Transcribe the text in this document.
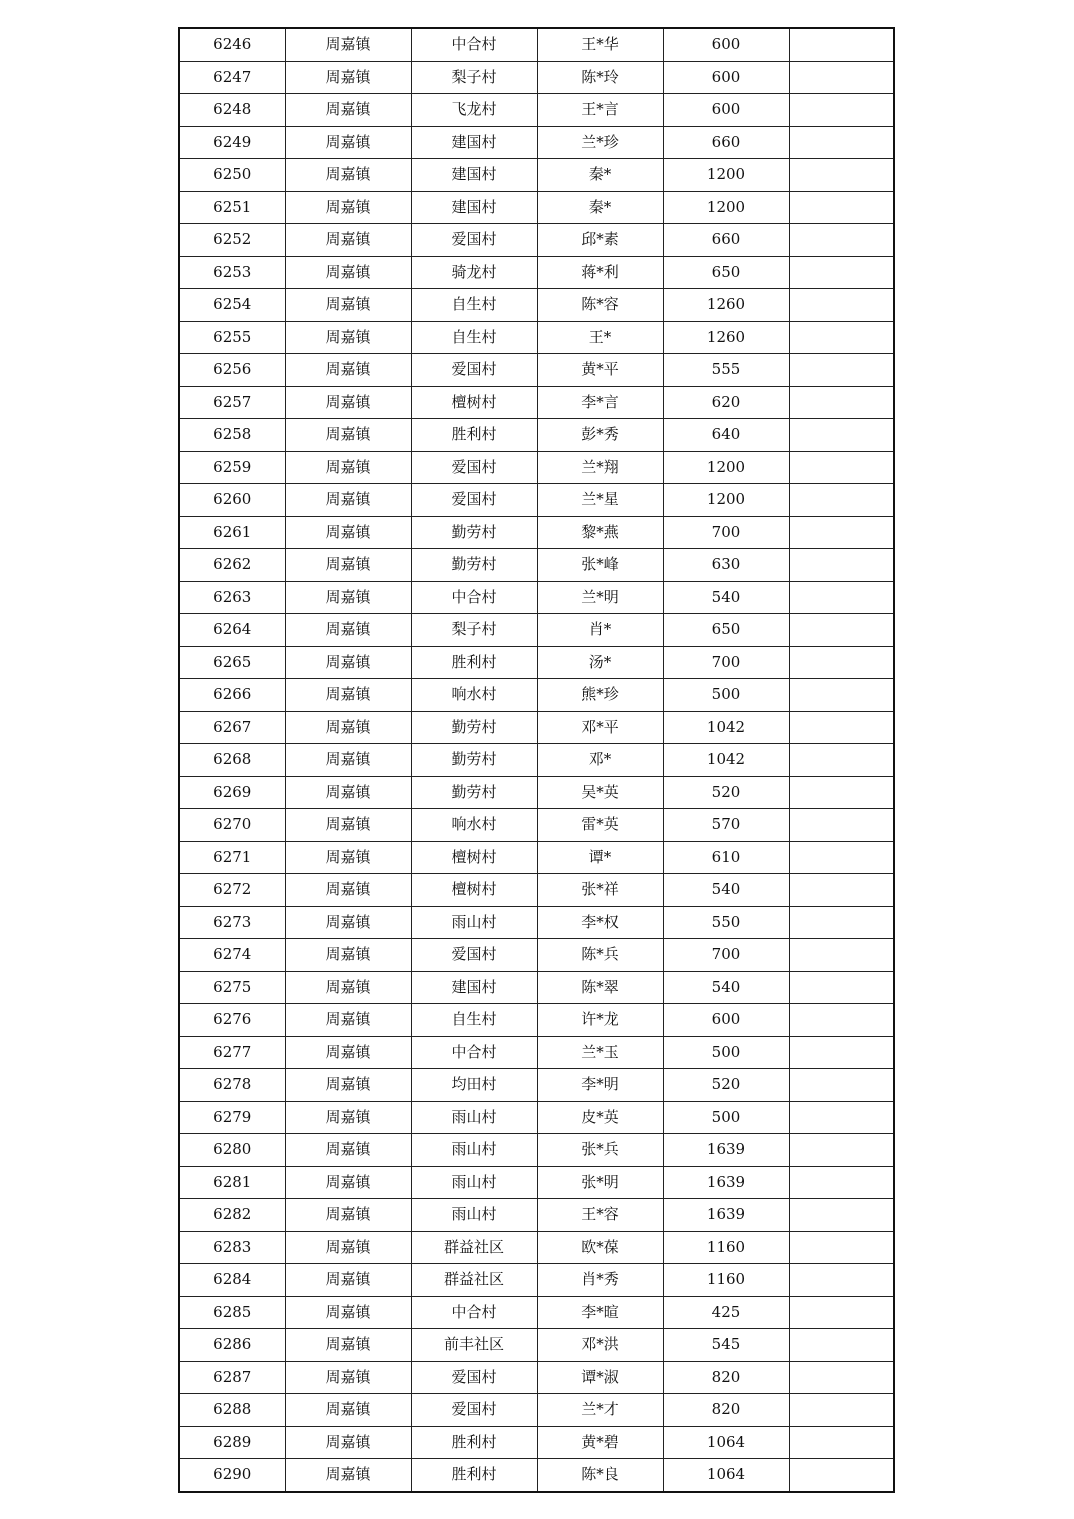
6246	周嘉镇	中合村	王*华	600	
6247	周嘉镇	梨子村	陈*玲	600	
6248	周嘉镇	飞龙村	王*言	600	
6249	周嘉镇	建国村	兰*珍	660	
6250	周嘉镇	建国村	秦*	1200	
6251	周嘉镇	建国村	秦*	1200	
6252	周嘉镇	爱国村	邱*素	660	
6253	周嘉镇	骑龙村	蒋*利	650	
6254	周嘉镇	自生村	陈*容	1260	
6255	周嘉镇	自生村	王*	1260	
6256	周嘉镇	爱国村	黄*平	555	
6257	周嘉镇	檀树村	李*言	620	
6258	周嘉镇	胜利村	彭*秀	640	
6259	周嘉镇	爱国村	兰*翔	1200	
6260	周嘉镇	爱国村	兰*星	1200	
6261	周嘉镇	勤劳村	黎*燕	700	
6262	周嘉镇	勤劳村	张*峰	630	
6263	周嘉镇	中合村	兰*明	540	
6264	周嘉镇	梨子村	肖*	650	
6265	周嘉镇	胜利村	汤*	700	
6266	周嘉镇	响水村	熊*珍	500	
6267	周嘉镇	勤劳村	邓*平	1042	
6268	周嘉镇	勤劳村	邓*	1042	
6269	周嘉镇	勤劳村	吴*英	520	
6270	周嘉镇	响水村	雷*英	570	
6271	周嘉镇	檀树村	谭*	610	
6272	周嘉镇	檀树村	张*祥	540	
6273	周嘉镇	雨山村	李*权	550	
6274	周嘉镇	爱国村	陈*兵	700	
6275	周嘉镇	建国村	陈*翠	540	
6276	周嘉镇	自生村	许*龙	600	
6277	周嘉镇	中合村	兰*玉	500	
6278	周嘉镇	均田村	李*明	520	
6279	周嘉镇	雨山村	皮*英	500	
6280	周嘉镇	雨山村	张*兵	1639	
6281	周嘉镇	雨山村	张*明	1639	
6282	周嘉镇	雨山村	王*容	1639	
6283	周嘉镇	群益社区	欧*葆	1160	
6284	周嘉镇	群益社区	肖*秀	1160	
6285	周嘉镇	中合村	李*暄	425	
6286	周嘉镇	前丰社区	邓*洪	545	
6287	周嘉镇	爱国村	谭*淑	820	
6288	周嘉镇	爱国村	兰*才	820	
6289	周嘉镇	胜利村	黄*碧	1064	
6290	周嘉镇	胜利村	陈*良	1064	
